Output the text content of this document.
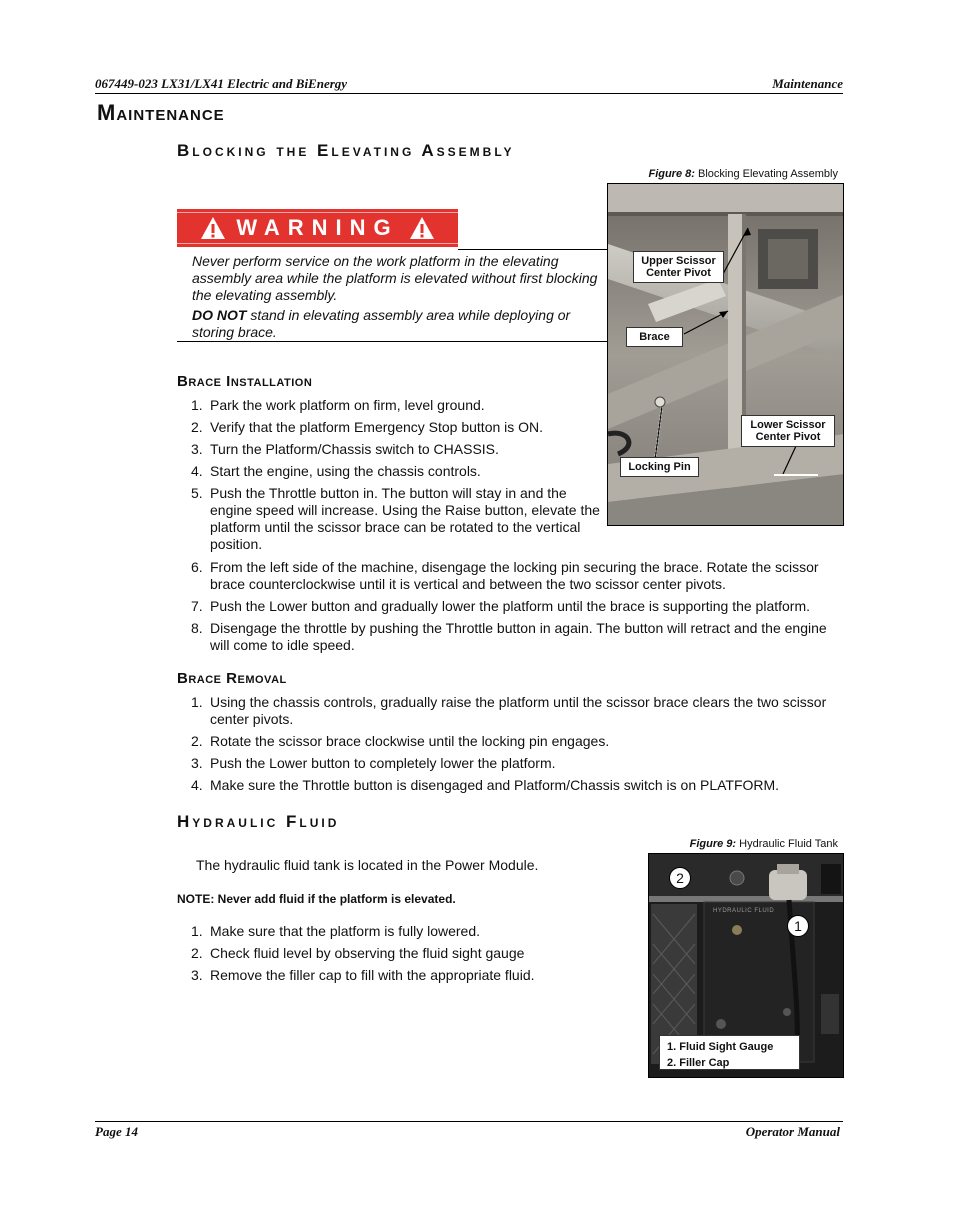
067449-023 LX31/LX41 Electric and BiEnergy	Maintenance
Maintenance
Blocking the Elevating Assembly
Figure 8: Blocking Elevating Assembly
WARNING
Never perform service on the work platform in the elevating assembly area while the platform is elevated without first blocking the elevating assembly.
DO NOT stand in elevating assembly area while deploying or storing brace.
Upper Scissor Center Pivot
Brace
Lower Scissor Center Pivot
Locking Pin
Brace Installation
1. Park the work platform on firm, level ground.
2. Verify that the platform Emergency Stop button is ON.
3. Turn the Platform/Chassis switch to CHASSIS.
4. Start the engine, using the chassis controls.
5. Push the Throttle button in. The button will stay in and the engine speed will increase. Using the Raise button, elevate the platform until the scissor brace can be rotated to the vertical position.
6. From the left side of the machine, disengage the locking pin securing the brace. Rotate the scissor brace counterclockwise until it is vertical and between the two scissor center pivots.
7. Push the Lower button and gradually lower the platform until the brace is supporting the platform.
8. Disengage the throttle by pushing the Throttle button in again. The button will retract and the engine will come to idle speed.
Brace Removal
1. Using the chassis controls, gradually raise the platform until the scissor brace clears the two scissor center pivots.
2. Rotate the scissor brace clockwise until the locking pin engages.
3. Push the Lower button to completely lower the platform.
4. Make sure the Throttle button is disengaged and Platform/Chassis switch is on PLATFORM.
Hydraulic Fluid
Figure 9: Hydraulic Fluid Tank
The hydraulic fluid tank is located in the Power Module.
NOTE: Never add fluid if the platform is elevated.
1. Make sure that the platform is fully lowered.
2. Check fluid level by observing the fluid sight gauge
3. Remove the filler cap to fill with the appropriate fluid.
HYDRAULIC FLUID
2
1
1. Fluid Sight Gauge
2. Filler Cap
Page 14	Operator Manual
